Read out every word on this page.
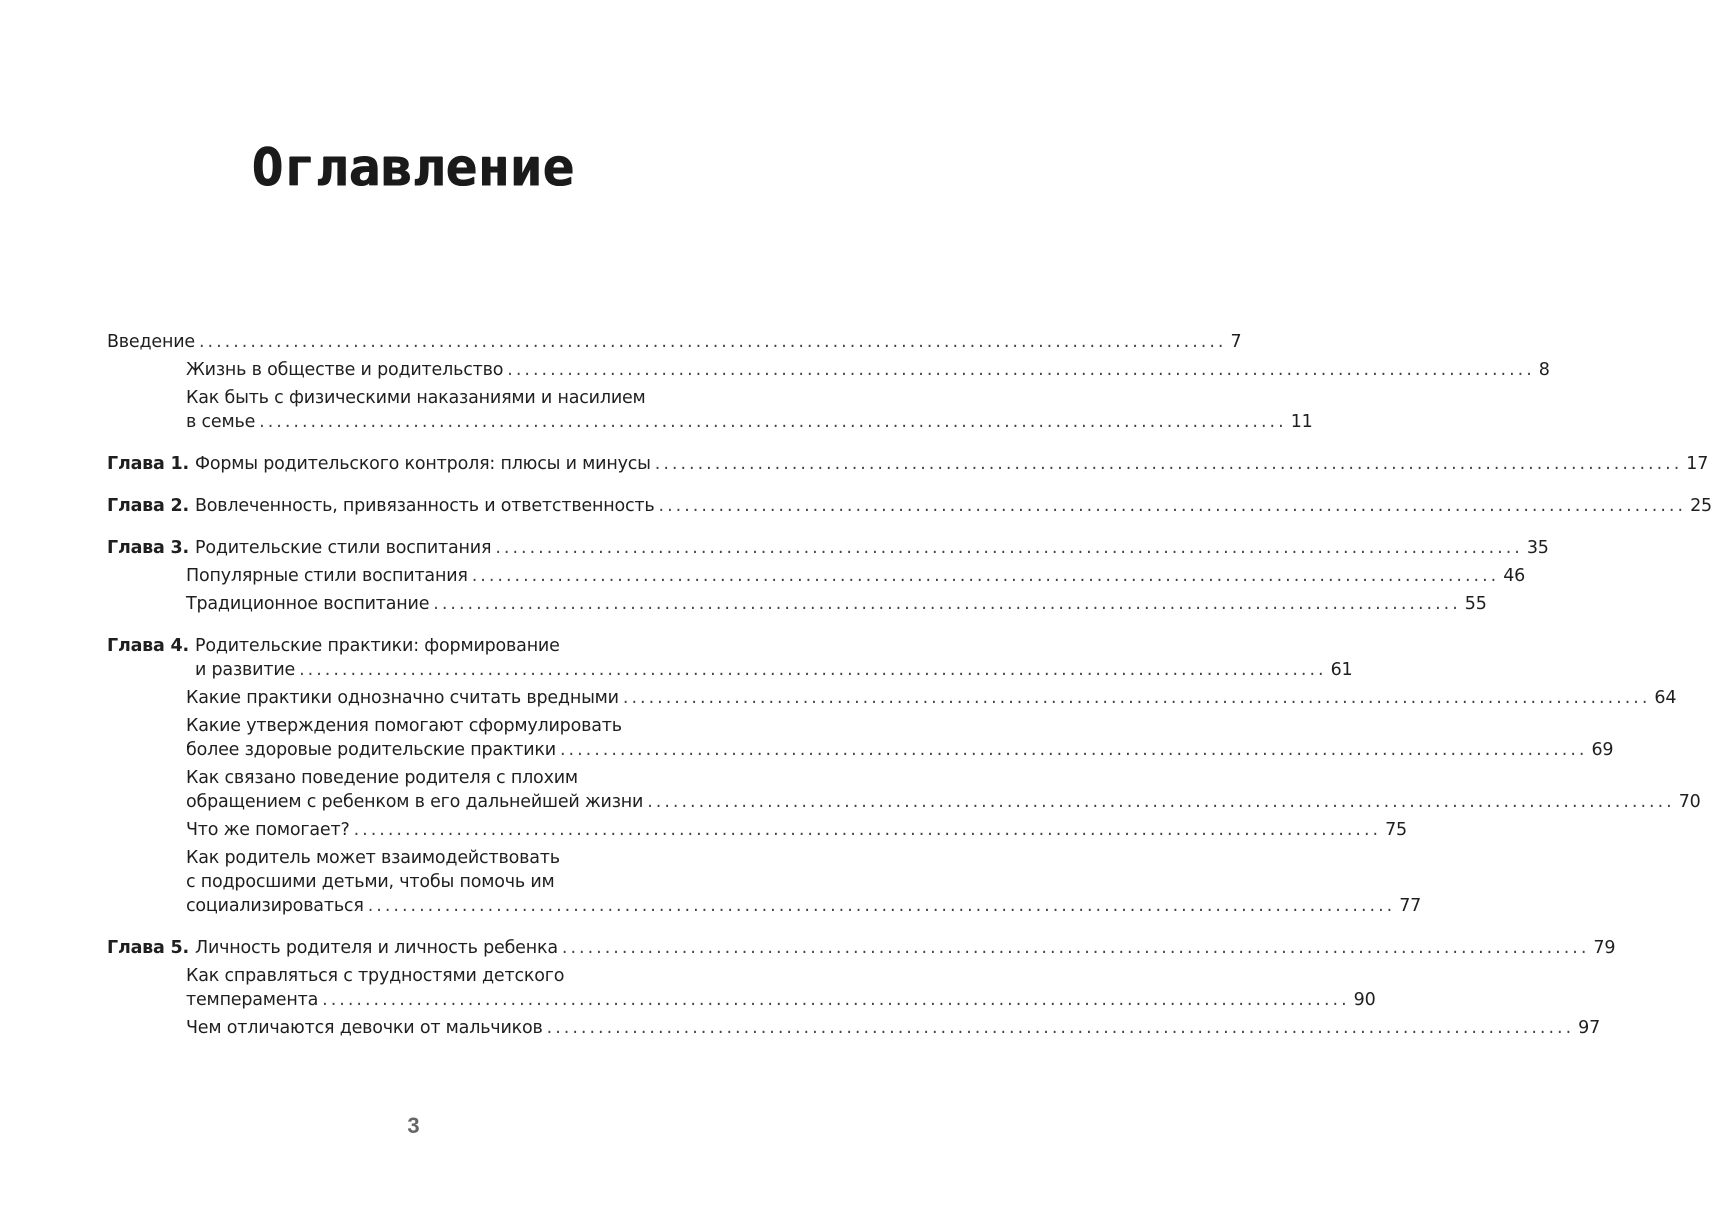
Оглавление
Введение ........................................................................................................................ 7
Жизнь в обществе и родительство ........................................................................................................................ 8
Как быть с физическими наказаниями и насилием
в семье ........................................................................................................................ 11
Глава 1. Формы родительского контроля: плюсы и минусы ........................................................................................................................ 17
Глава 2. Вовлеченность, привязанность и ответственность ........................................................................................................................ 25
Глава 3. Родительские стили воспитания ........................................................................................................................ 35
Популярные стили воспитания ........................................................................................................................ 46
Традиционное воспитание ........................................................................................................................ 55
Глава 4. Родительские практики: формирование
и развитие ........................................................................................................................ 61
Какие практики однозначно считать вредными ........................................................................................................................ 64
Какие утверждения помогают сформулировать
более здоровые родительские практики ........................................................................................................................ 69
Как связано поведение родителя с плохим
обращением с ребенком в его дальнейшей жизни ........................................................................................................................ 70
Что же помогает? ........................................................................................................................ 75
Как родитель может взаимодействовать
с подросшими детьми, чтобы помочь им
социализироваться ........................................................................................................................ 77
Глава 5. Личность родителя и личность ребенка ........................................................................................................................ 79
Как справляться с трудностями детского
темперамента ........................................................................................................................ 90
Чем отличаются девочки от мальчиков ........................................................................................................................ 97
3
